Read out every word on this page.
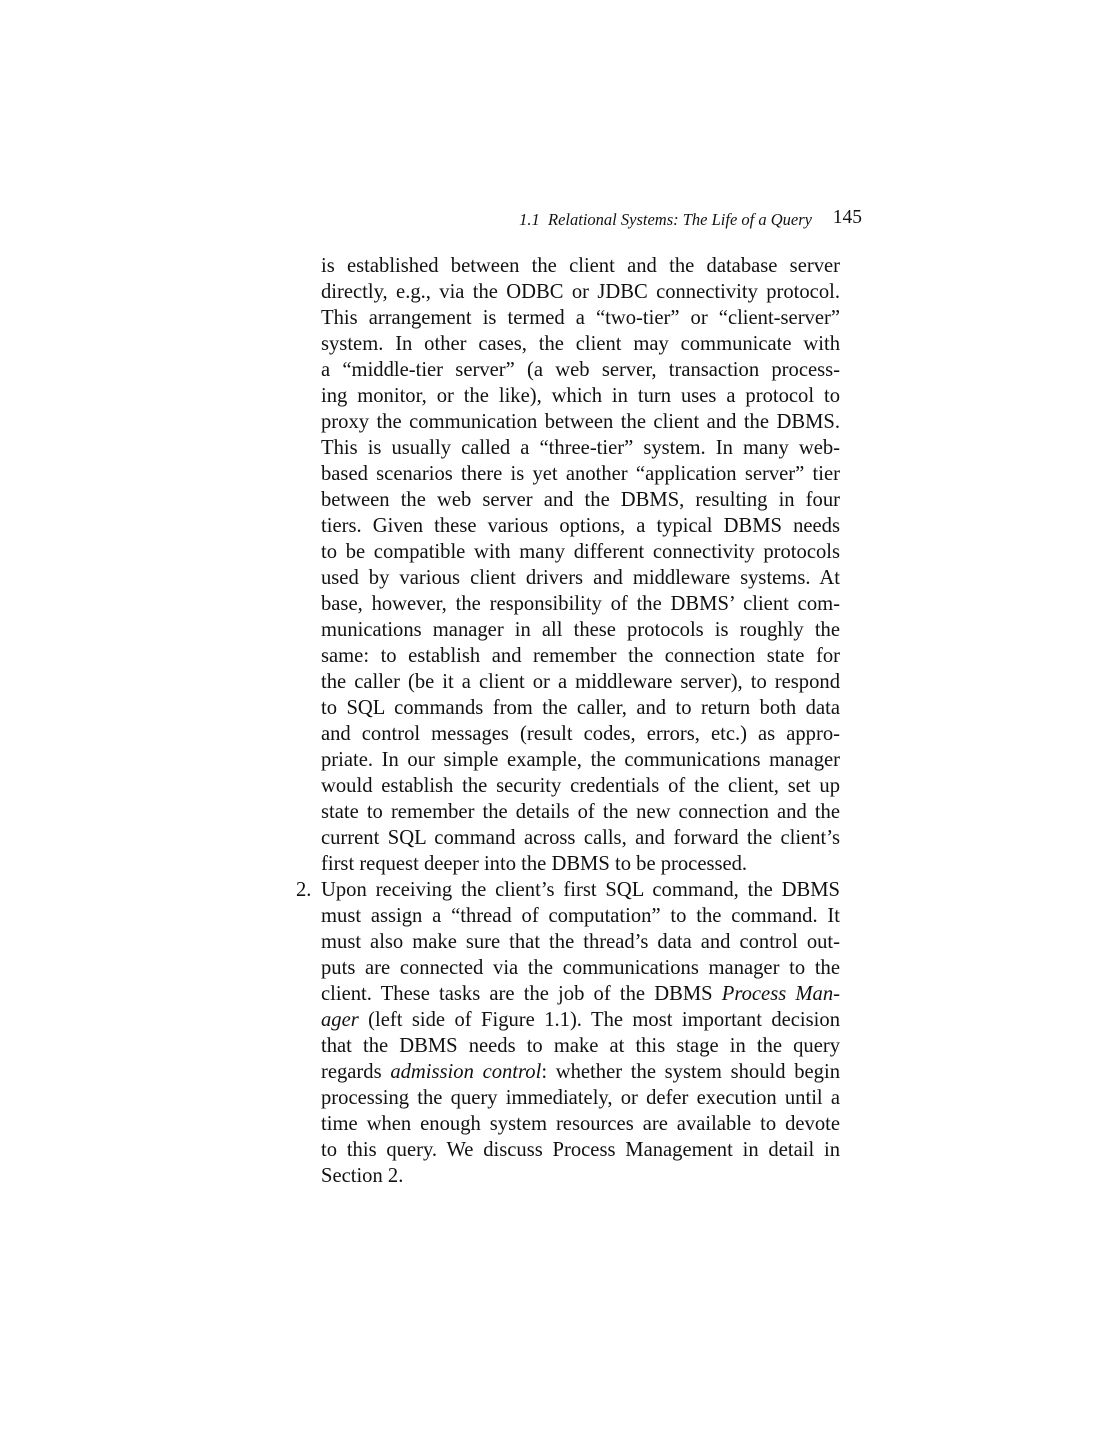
1.1 Relational Systems: The Life of a Query 145
is established between the client and the database server
directly, e.g., via the ODBC or JDBC connectivity protocol.
This arrangement is termed a “two-tier” or “client-server”
system. In other cases, the client may communicate with
a “middle-tier server” (a web server, transaction process-
ing monitor, or the like), which in turn uses a protocol to
proxy the communication between the client and the DBMS.
This is usually called a “three-tier” system. In many web-
based scenarios there is yet another “application server” tier
between the web server and the DBMS, resulting in four
tiers. Given these various options, a typical DBMS needs
to be compatible with many different connectivity protocols
used by various client drivers and middleware systems. At
base, however, the responsibility of the DBMS’ client com-
munications manager in all these protocols is roughly the
same: to establish and remember the connection state for
the caller (be it a client or a middleware server), to respond
to SQL commands from the caller, and to return both data
and control messages (result codes, errors, etc.) as appro-
priate. In our simple example, the communications manager
would establish the security credentials of the client, set up
state to remember the details of the new connection and the
current SQL command across calls, and forward the client’s
first request deeper into the DBMS to be processed.
2. Upon receiving the client’s first SQL command, the DBMS
must assign a “thread of computation” to the command. It
must also make sure that the thread’s data and control out-
puts are connected via the communications manager to the
client. These tasks are the job of the DBMS Process Man-
ager (left side of Figure 1.1). The most important decision
that the DBMS needs to make at this stage in the query
regards admission control: whether the system should begin
processing the query immediately, or defer execution until a
time when enough system resources are available to devote
to this query. We discuss Process Management in detail in
Section 2.
